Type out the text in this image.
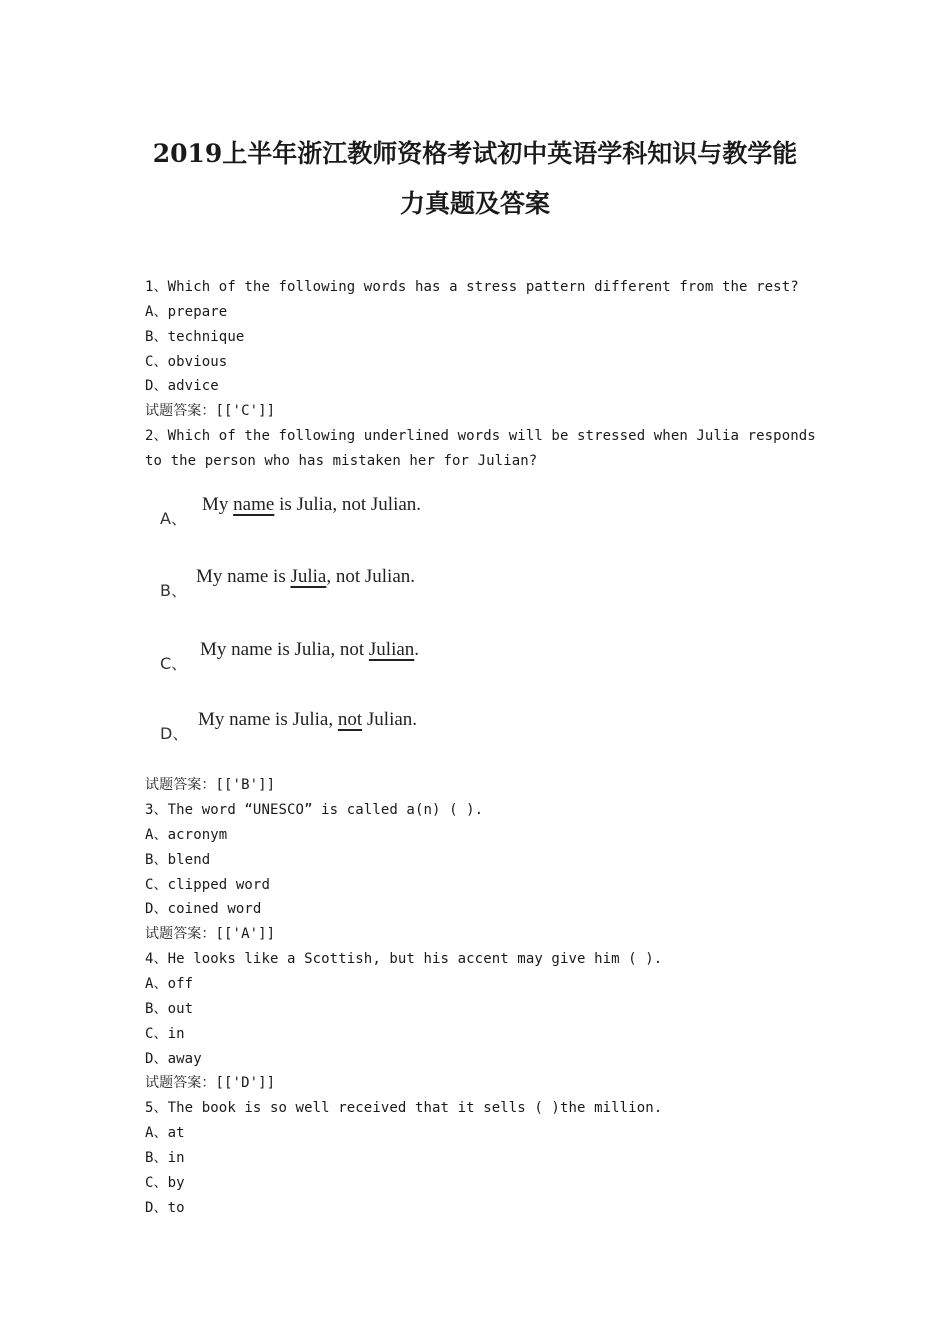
2019上半年浙江教师资格考试初中英语学科知识与教学能
力真题及答案
1、Which of the following words has a stress pattern different from the rest?
A、prepare
B、technique
C、obvious
D、advice
试题答案：[['C']]
2、Which of the following underlined words will be stressed when Julia responds
to the person who has mistaken her for Julian?
A、
My name is Julia, not Julian.
B、
My name is Julia, not Julian.
C、
My name is Julia, not Julian.
D、
My name is Julia, not Julian.
试题答案：[['B']]
3、The word “UNESCO” is called a(n) ( ).
A、acronym
B、blend
C、clipped word
D、coined word
试题答案：[['A']]
4、He looks like a Scottish, but his accent may give him ( ).
A、off
B、out
C、in
D、away
试题答案：[['D']]
5、The book is so well received that it sells ( )the million.
A、at
B、in
C、by
D、to
